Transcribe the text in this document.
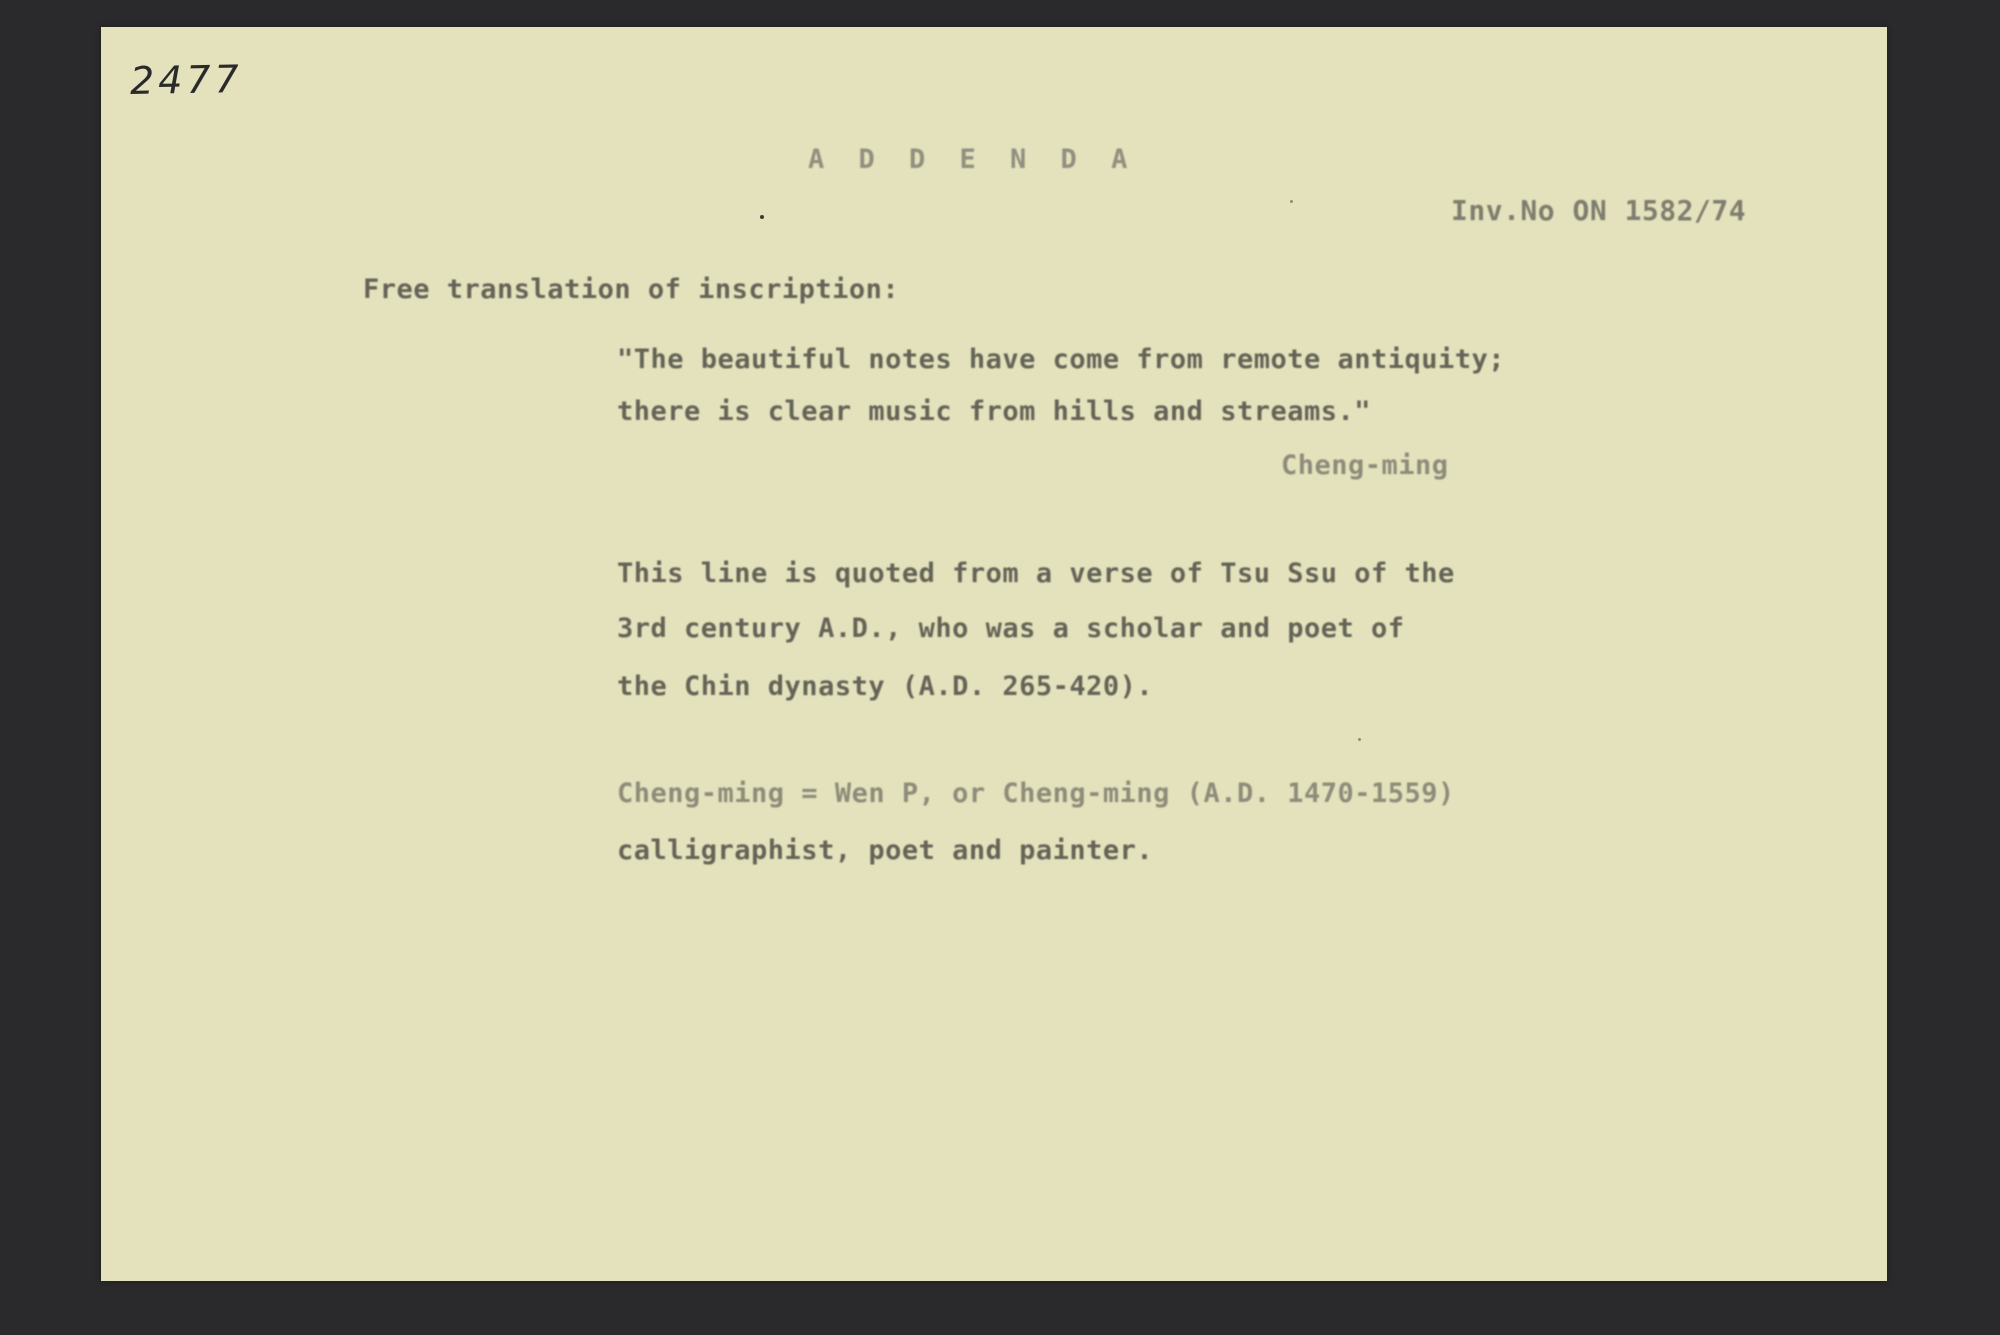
2477
A D D E N D A
Inv.No ON 1582/74
Free translation of inscription:
"The beautiful notes have come from remote antiquity;
there is clear music from hills and streams."
Cheng-ming
This line is quoted from a verse of Tsu Ssu of the
3rd century A.D., who was a scholar and poet of
the Chin dynasty (A.D. 265-420).
Cheng-ming = Wen P, or Cheng-ming (A.D. 1470-1559)
calligraphist, poet and painter.
